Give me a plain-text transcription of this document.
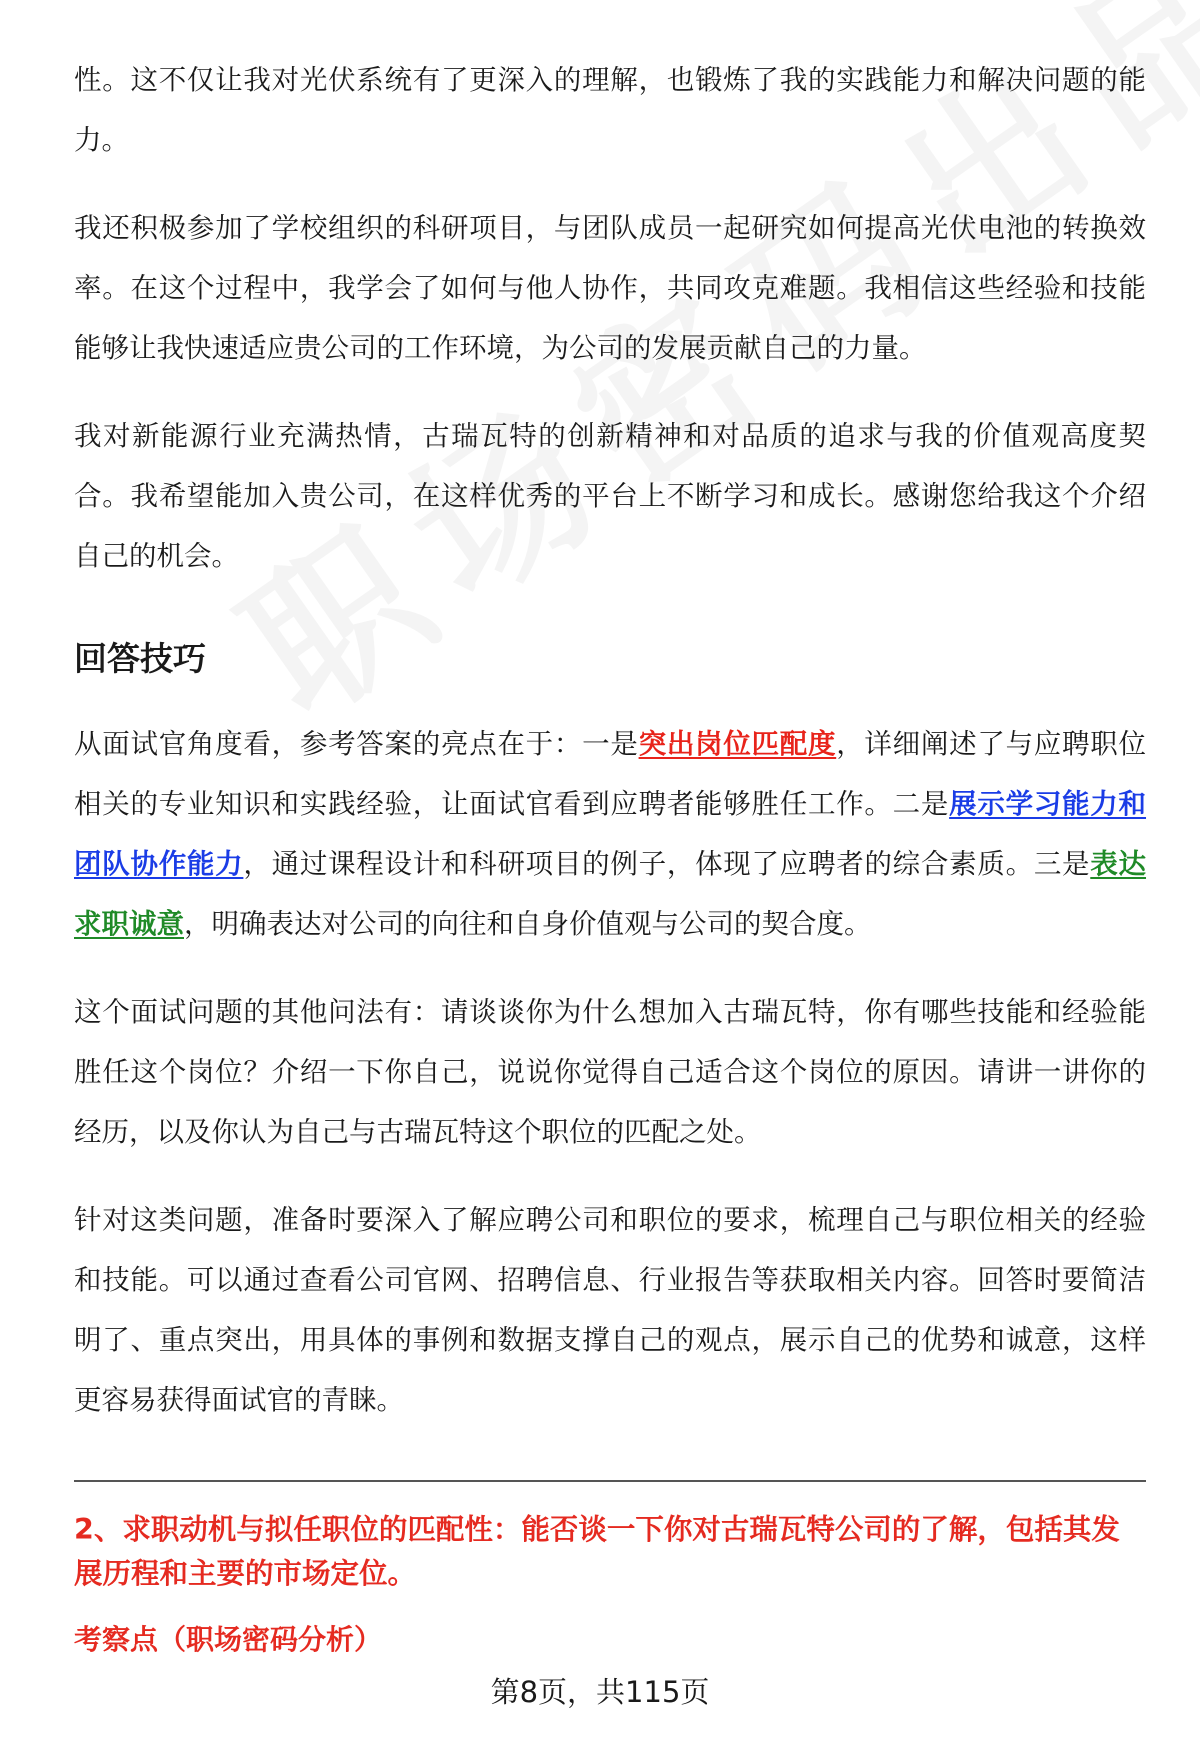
性。这不仅让我对光伏系统有了更深入的理解，也锻炼了我的实践能力和解决问题的能力。

我还积极参加了学校组织的科研项目，与团队成员一起研究如何提高光伏电池的转换效率。在这个过程中，我学会了如何与他人协作，共同攻克难题。我相信这些经验和技能能够让我快速适应贵公司的工作环境，为公司的发展贡献自己的力量。

我对新能源行业充满热情，古瑞瓦特的创新精神和对品质的追求与我的价值观高度契合。我希望能加入贵公司，在这样优秀的平台上不断学习和成长。感谢您给我这个介绍自己的机会。

回答技巧

从面试官角度看，参考答案的亮点在于：一是突出岗位匹配度，详细阐述了与应聘职位相关的专业知识和实践经验，让面试官看到应聘者能够胜任工作。二是展示学习能力和团队协作能力，通过课程设计和科研项目的例子，体现了应聘者的综合素质。三是表达求职诚意，明确表达对公司的向往和自身价值观与公司的契合度。

这个面试问题的其他问法有：请谈谈你为什么想加入古瑞瓦特，你有哪些技能和经验能胜任这个岗位？介绍一下你自己，说说你觉得自己适合这个岗位的原因。请讲一讲你的经历，以及你认为自己与古瑞瓦特这个职位的匹配之处。

针对这类问题，准备时要深入了解应聘公司和职位的要求，梳理自己与职位相关的经验和技能。可以通过查看公司官网、招聘信息、行业报告等获取相关内容。回答时要简洁明了、重点突出，用具体的事例和数据支撑自己的观点，展示自己的优势和诚意，这样更容易获得面试官的青睐。

2、求职动机与拟任职位的匹配性：能否谈一下你对古瑞瓦特公司的了解，包括其发展历程和主要的市场定位。
考察点（职场密码分析）
第8页，共115页
